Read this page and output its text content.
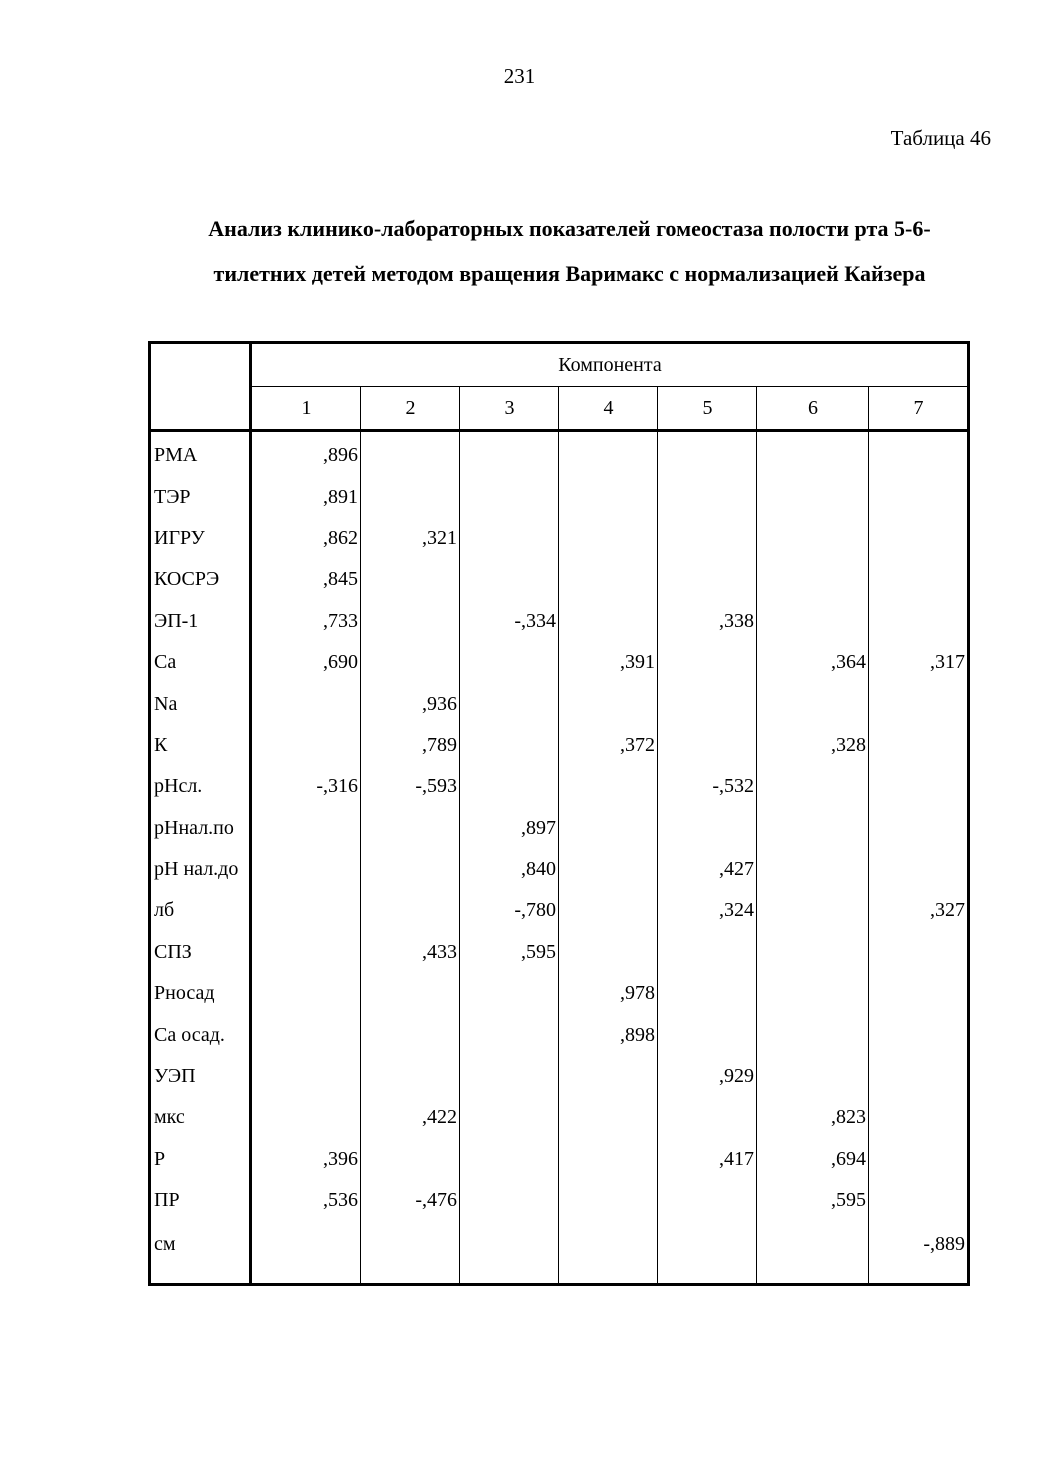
231
Таблица 46
Анализ клинико-лабораторных показателей гомеостаза полости рта 5-6-
тилетних детей методом вращения Варимакс с нормализацией Кайзера
	Компонента						
	1	2	3	4	5	6	7
РМА	,896						
ТЭР	,891						
ИГРУ	,862	,321					
КОСРЭ	,845						
ЭП-1	,733		-,334		,338		
Са	,690			,391		,364	,317
Na		,936					
К		,789		,372		,328	
рНсл.	-,316	-,593			-,532		
рНнал.по			,897				
рН нал.до			,840		,427		
лб			-,780		,324		,327
СПЗ		,433	,595				
Рносад				,978			
Са осад.				,898			
УЭП					,929		
мкс		,422				,823	
Р	,396				,417	,694	
ПР	,536	-,476				,595	
см							-,889
